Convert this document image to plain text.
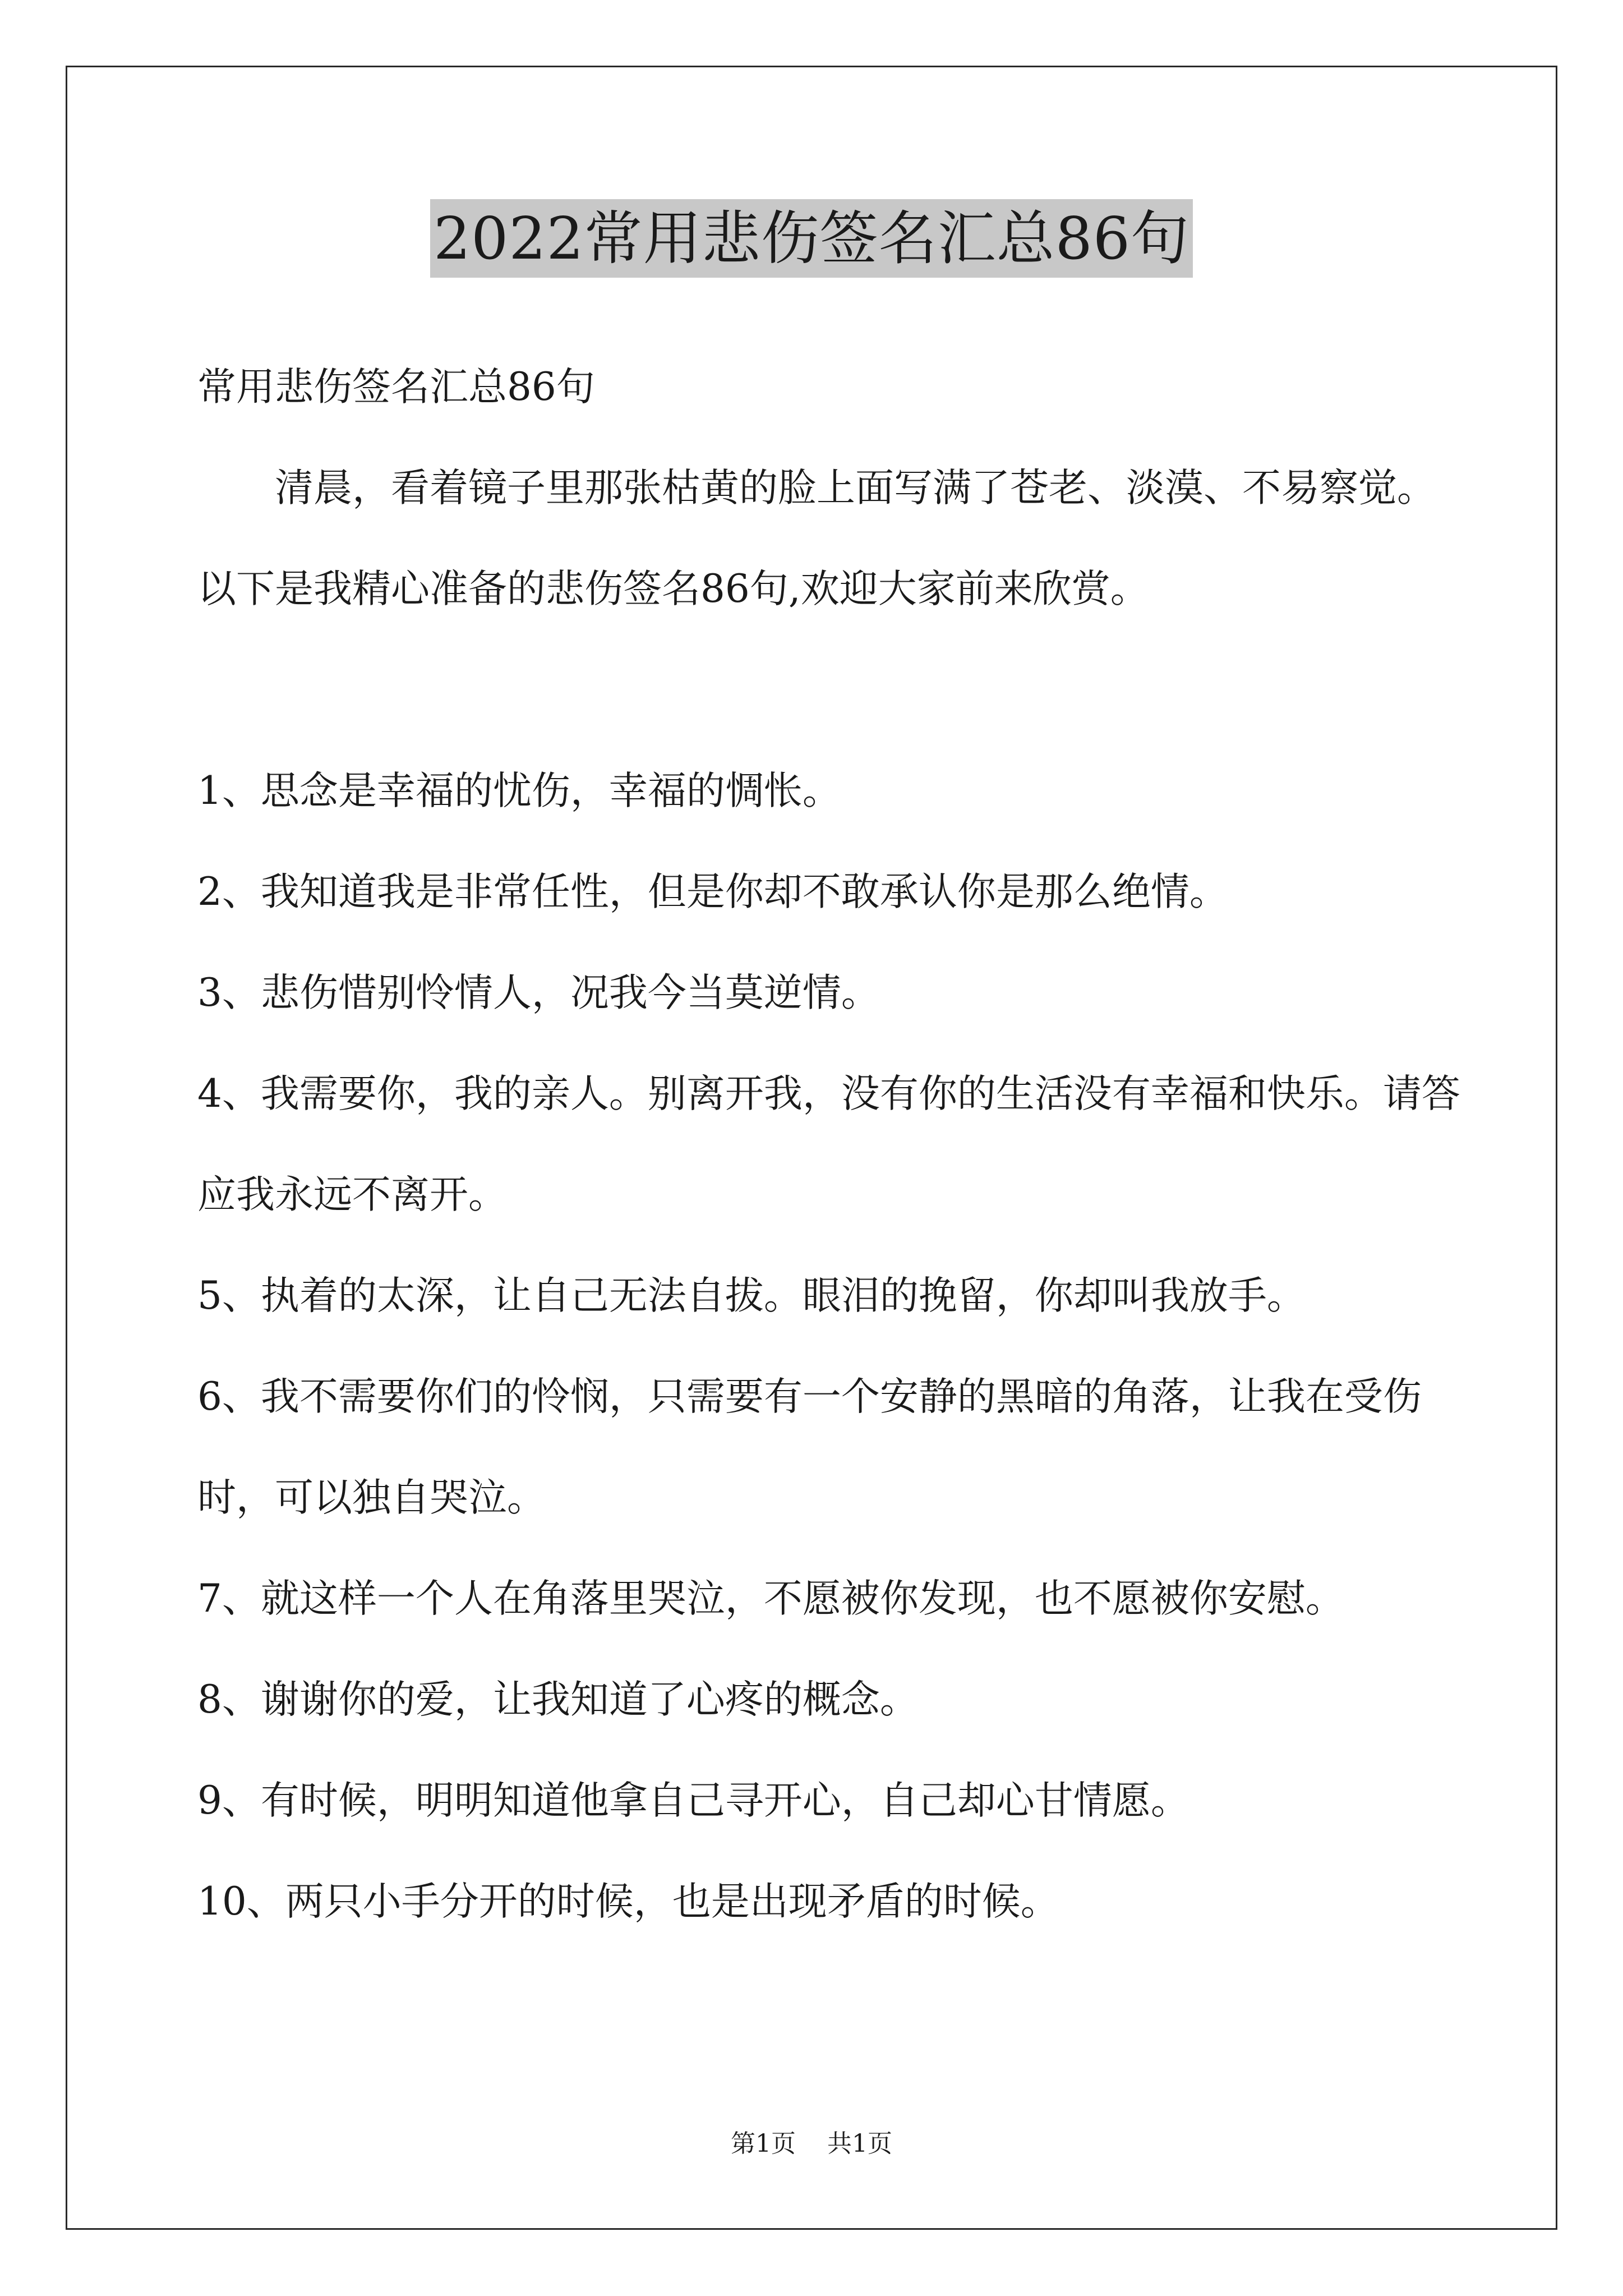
2022常用悲伤签名汇总86句

常用悲伤签名汇总86句

清晨，看着镜子里那张枯黄的脸上面写满了苍老、淡漠、不易察觉。以下是我精心准备的悲伤签名86句,欢迎大家前来欣赏。

1、思念是幸福的忧伤，幸福的惆怅。

2、我知道我是非常任性，但是你却不敢承认你是那么绝情。

3、悲伤惜别怜情人，况我今当莫逆情。

4、我需要你，我的亲人。别离开我，没有你的生活没有幸福和快乐。请答应我永远不离开。

5、执着的太深，让自己无法自拔。眼泪的挽留，你却叫我放手。

6、我不需要你们的怜悯，只需要有一个安静的黑暗的角落，让我在受伤时，可以独自哭泣。

7、就这样一个人在角落里哭泣，不愿被你发现，也不愿被你安慰。

8、谢谢你的爱，让我知道了心疼的概念。

9、有时候，明明知道他拿自己寻开心，自己却心甘情愿。

10、两只小手分开的时候，也是出现矛盾的时候。

第1页 共1页
